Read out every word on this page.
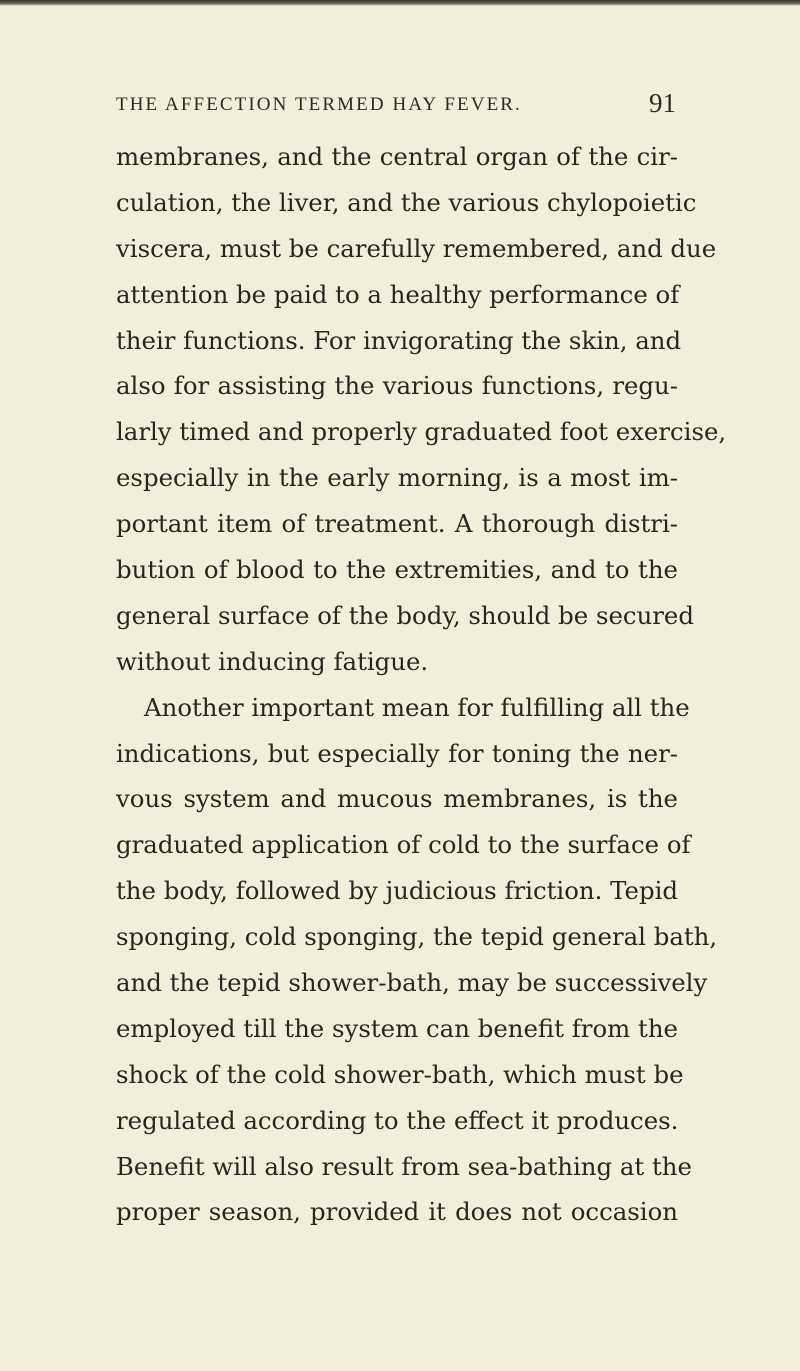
THE AFFECTION TERMED HAY FEVER.	91
membranes, and the central organ of the cir-
culation, the liver, and the various chylopoietic
viscera, must be carefully remembered, and due
attention be paid to a healthy performance of
their functions. For invigorating the skin, and
also for assisting the various functions, regu-
larly timed and properly graduated foot exercise,
especially in the early morning, is a most im-
portant item of treatment. A thorough distri-
bution of blood to the extremities, and to the
general surface of the body, should be secured
without inducing fatigue.
Another important mean for fulfilling all the
indications, but especially for toning the ner-
vous system and mucous membranes, is the
graduated application of cold to the surface of
the body, followed by judicious friction. Tepid
sponging, cold sponging, the tepid general bath,
and the tepid shower-bath, may be successively
employed till the system can benefit from the
shock of the cold shower-bath, which must be
regulated according to the effect it produces.
Benefit will also result from sea-bathing at the
proper season, provided it does not occasion
